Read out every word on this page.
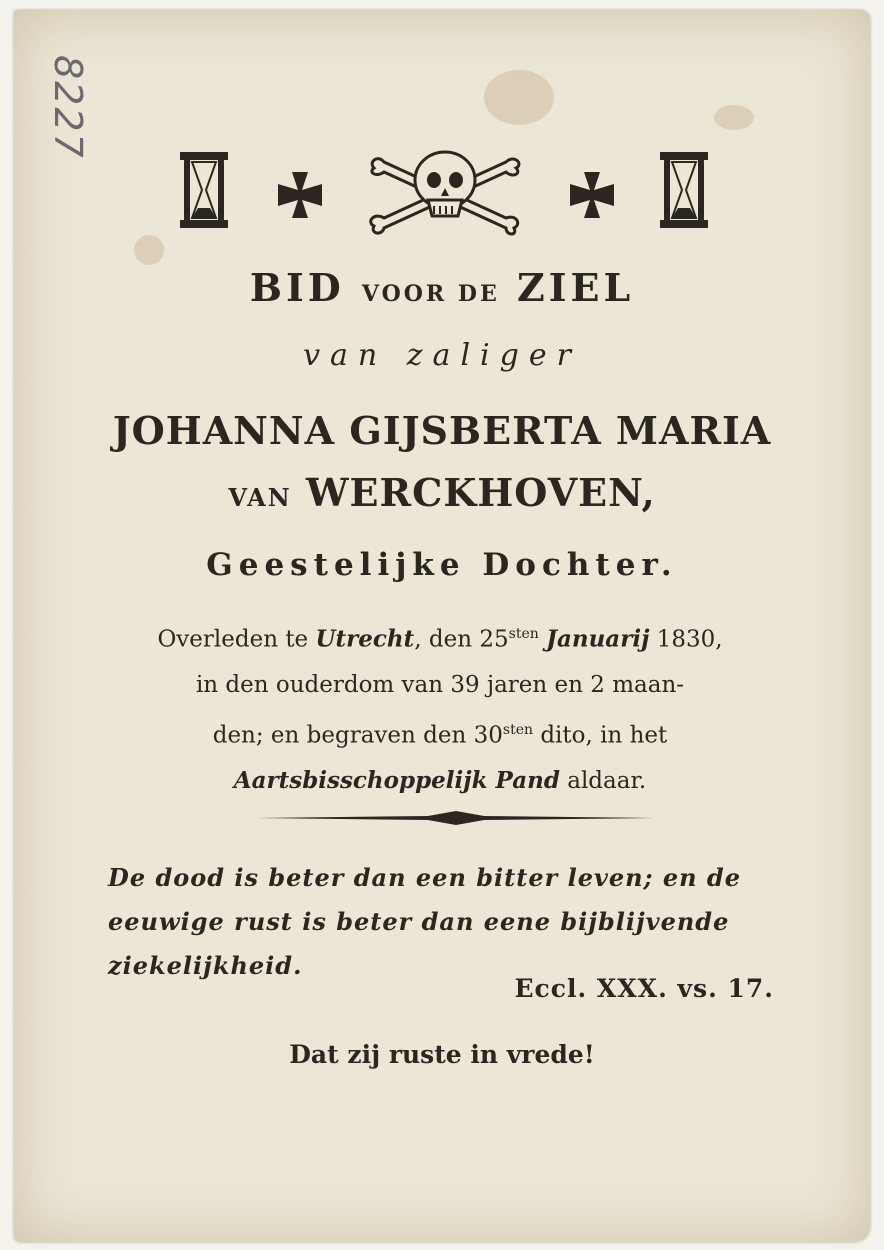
8227
BID VOOR DE ZIEL
van zaliger
JOHANNA GIJSBERTA MARIA
VAN WERCKHOVEN,
Geestelijke Dochter.
Overleden te Utrecht, den $25^{sten}$ Januarij 1830,
in den ouderdom van 39 jaren en 2 maan-
den; en begraven den $30^{sten}$ dito, in het
Aartsbisschoppelijk Pand aldaar.
De dood is beter dan een bitter leven; en de eeuwige rust is beter dan eene bijblijvende ziekelijkheid.
Eccl. XXX. vs. 17.
Dat zij ruste in vrede!
